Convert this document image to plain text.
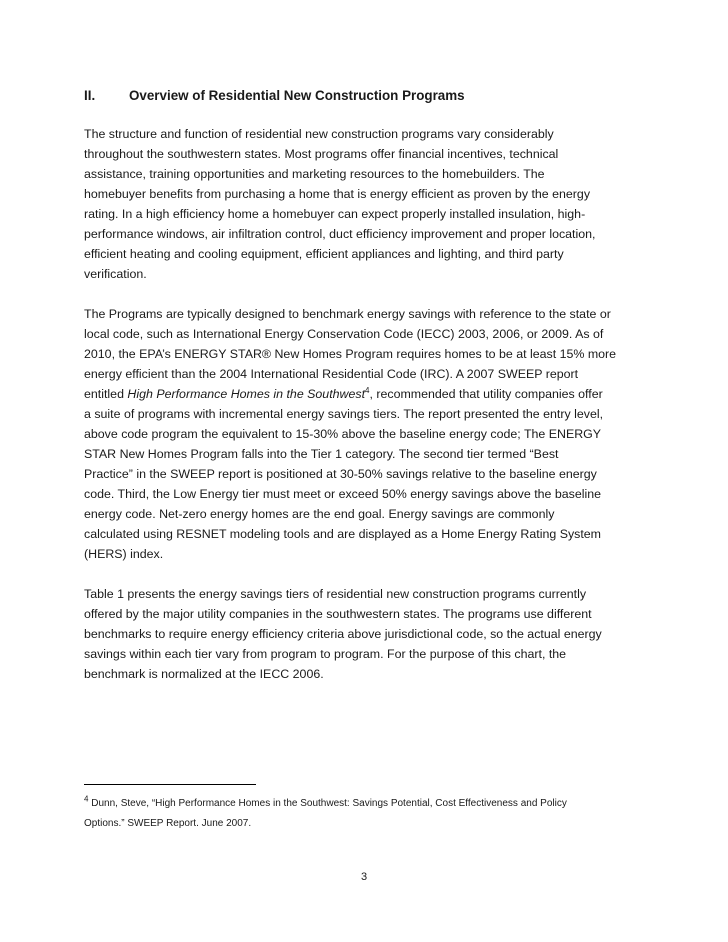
II.	Overview of Residential New Construction Programs

The structure and function of residential new construction programs vary considerably
throughout the southwestern states. Most programs offer financial incentives, technical
assistance, training opportunities and marketing resources to the homebuilders. The
homebuyer benefits from purchasing a home that is energy efficient as proven by the energy
rating. In a high efficiency home a homebuyer can expect properly installed insulation, high-
performance windows, air infiltration control, duct efficiency improvement and proper location,
efficient heating and cooling equipment, efficient appliances and lighting, and third party
verification.

The Programs are typically designed to benchmark energy savings with reference to the state or
local code, such as International Energy Conservation Code (IECC) 2003, 2006, or 2009. As of
2010, the EPA’s ENERGY STAR® New Homes Program requires homes to be at least 15% more
energy efficient than the 2004 International Residential Code (IRC). A 2007 SWEEP report
entitled High Performance Homes in the Southwest$^4$, recommended that utility companies offer
a suite of programs with incremental energy savings tiers. The report presented the entry level,
above code program the equivalent to 15-30% above the baseline energy code; The ENERGY
STAR New Homes Program falls into the Tier 1 category. The second tier termed “Best
Practice” in the SWEEP report is positioned at 30-50% savings relative to the baseline energy
code. Third, the Low Energy tier must meet or exceed 50% energy savings above the baseline
energy code. Net-zero energy homes are the end goal. Energy savings are commonly
calculated using RESNET modeling tools and are displayed as a Home Energy Rating System
(HERS) index.

Table 1 presents the energy savings tiers of residential new construction programs currently
offered by the major utility companies in the southwestern states. The programs use different
benchmarks to require energy efficiency criteria above jurisdictional code, so the actual energy
savings within each tier vary from program to program. For the purpose of this chart, the
benchmark is normalized at the IECC 2006.

$^4$ Dunn, Steve, “High Performance Homes in the Southwest: Savings Potential, Cost Effectiveness and Policy
Options.” SWEEP Report. June 2007.
3
